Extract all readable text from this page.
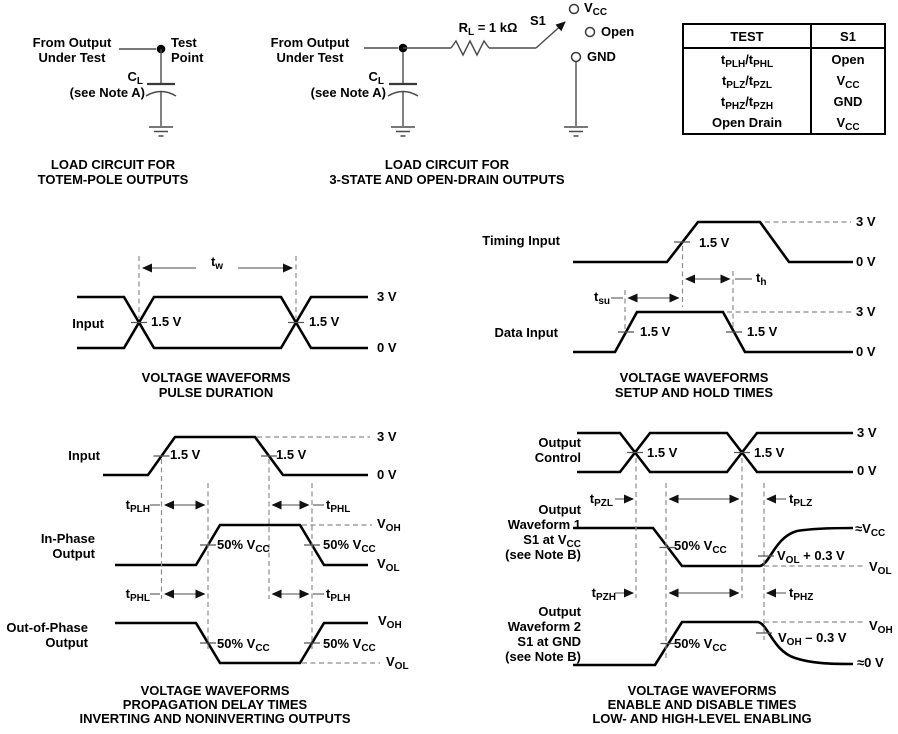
From Output
Under Test
Test
Point
CL
(see Note A)
LOAD CIRCUIT FOR
TOTEM-POLE OUTPUTS
From Output
Under Test
CL
(see Note A)
RL = 1 kΩ S1
VCC
Open
GND
LOAD CIRCUIT FOR
3-STATE AND OPEN-DRAIN OUTPUTS
TEST	S1
tPLH/tPHL	Open
tPLZ/tPZL	VCC
tPHZ/tPZH	GND
Open Drain	VCC
Input
tw
1.5 V	1.5 V
3 V
0 V
VOLTAGE WAVEFORMS
PULSE DURATION
Timing Input	1.5 V
3 V
0 V
th
tsu
Data Input	1.5 V	1.5 V
3 V
0 V
VOLTAGE WAVEFORMS
SETUP AND HOLD TIMES
Input	1.5 V	1.5 V
3 V
0 V
tPLH	tPHL
In-Phase
Output
50% VCC	50% VCC
VOH
VOL
tPHL	tPLH
Out-of-Phase
Output	50% VCC	50% VCC
VOH
VOL
VOLTAGE WAVEFORMS
PROPAGATION DELAY TIMES
INVERTING AND NONINVERTING OUTPUTS
Output
Control	1.5 V	1.5 V
3 V
0 V
tPZL	tPLZ
Output
Waveform 1
S1 at VCC
(see Note B)
50% VCC
≈VCC
VOL + 0.3 V
VOL
tPZH	tPHZ
Output
Waveform 2
S1 at GND
(see Note B)
50% VCC
VOH – 0.3 V
VOH
≈0 V
VOLTAGE WAVEFORMS
ENABLE AND DISABLE TIMES
LOW- AND HIGH-LEVEL ENABLING
